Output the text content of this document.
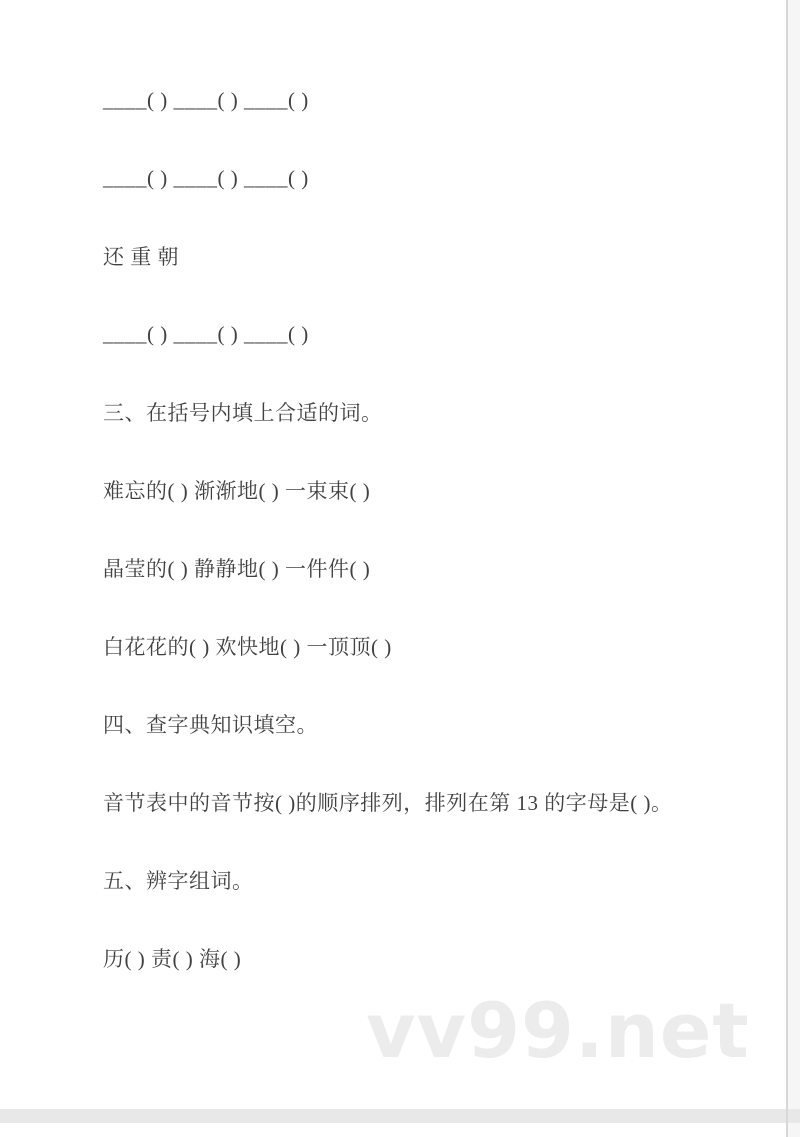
____( ) ____( ) ____( )
____( ) ____( ) ____( )
还 重 朝
____( ) ____( ) ____( )
三、在括号内填上合适的词。
难忘的( ) 渐渐地( ) 一束束( )
晶莹的( ) 静静地( ) 一件件( )
白花花的( ) 欢快地( ) 一顶顶( )
四、查字典知识填空。
音节表中的音节按( )的顺序排列，排列在第 13 的字母是( )。
五、辨字组词。
历( ) 责( ) 海( )
vv99.net
